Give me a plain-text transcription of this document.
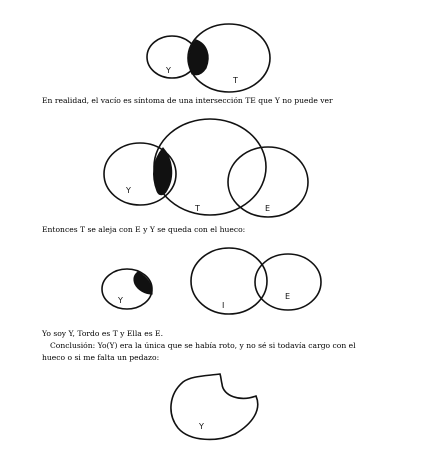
Y
T
Y
T	E
Y
I
E
Y
En realidad, el vacío es síntoma de una intersección TE que Y no puede ver
Entonces T se aleja con E y Y se queda con el hueco:
Yo soy Y, Tordo es T y Ella es E.
Conclusión: Yo(Y) era la única que se había roto, y no sé si todavía cargo con el
hueco o si me falta un pedazo:
